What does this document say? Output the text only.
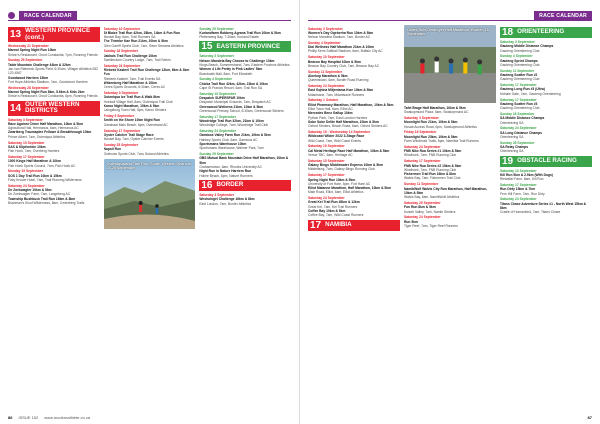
RACE CALENDAR
13 WESTERN PROVINCE (cont.)
Wednesday 21 September
Marnol Spring Night Run 10km
Simon's Restaurant, Groot Constantia, 7pm, Running Friends
Sunday 25 September
Table Mountain Challenge 44km & 32km
Jan van Riebeeck Sports Field, 6:30am, Villager Athletics 082 123 4567
Goodwood Harriers 15km
Fort Hope Athletics Stadium, 7am, Goodwood Harriers
Wednesday 28 September
Marnol Spring Night Run 8km, 5.6km & Kids 2km
Simon's Restaurant, Groot Constantia, 6pm, Running Friends
14 OUTER WESTERN DISTRICTS
Saturday 3 September
Race Against Crime Half Marathon, 10km & 5km
Agricultural Hall, Hermanus, 6am, Hermanus AC
Zwartberg Traumaplex Fellowe & Breakthrough 10km
Prince Albert, 7am, Outeniqua Athletics
Saturday 10 September
SAS & Klipfontein 10km
Fish Hoek, 7am, Overberg Harriers
Saturday 17 September
1000 Kings Half Marathon & 10km
Fish Hoek Sports Ground, 7am, Fish Hoek AC
Monday 19 September
SOS 1 Day Trail Run 10km & 15km
Fairy Knowe Hotel, 7am, Trail Running Wilderness
Saturday 24 September
De Zoekwagter 10km & 5km
De Zoekwagter Farm, 7am, Langeberg AC
Township Bushbuck Trail Run 16km & 8km
Bushman's Kloof Wilderness, 8am, Cederberg Trails
Saturday 10 September
St Blaize Trail Run 42km, 28km, 14km & Fun Run
Mossel Bay, 6am, Trail Runners SA
The Thembe Kae Run 21km, 10km & 5km
Glen Garriff Sports Club, 7am, Silver Streams Athletics
Sunday 18 September
Jakhals Trail Run Challenge 10km
Swellendam Country Lodge, 7am, Trail Series
Saturday 24 September
Riebeek Kasteel Trail Run Challenge 12km, 6km & 3km Fun
Riebeek Kasteel, 7am, Trail Events SA
Witzenberg Half Marathon & 10km
Ceres Sports Grounds, 6:30am, Ceres AC
Saturday 3 September
Outeniqua Ice Trail Run & Walk 8km
Hoekwil Village Hall, 8am, Outeniqua Trail Club
Karoo Night Marathon, 10km & 5km
Laingsburg Town Hall, 5pm, Karoo Striders
Friday 9 September
Smith on the Shore 10km Night Run
Gansbaai Main Beach, 6pm, Overstrand AC
Saturday 17 September
Oyster Catcher Trail Stage Race
Mossel Bay, 7am, Oyster Catcher Events
Sunday 25 September
Napoli Run
Grabouw Sports Club, 7am, Boland Athletics
Outeniqualand Trail Run, South Western Districts, 23-25 September
Sunday 25 September
Kurlandfarm Robberg Agrana Trail Run 10km & 5km
Plettenberg Bay, 7:30am, Kurland Estate
15 EASTERN PROVINCE
Saturday 3 September
Nelson Mandela Bay Choose to Challenge 10km
Kings Beach, Summerstrand, 7am, Eastern Province Athletics
Women 4 Life Pretty in Pink Ladies' 5km
Boardwalk Mall, 8am, Port Elizabeth
Sunday 4 September
Chicka Trail Run 42km, 42km, 22km & 10km
Cape St Francis Resort, 6am, Trail Run SA
Saturday 10 September
Despatch SUPERSPAR 10km
Despatch Municipal Grounds, 7am, Despatch AC
Greenwood Wellness 21km, 10km & 5km
Greenwood Primary School, 6:30am, Greenwood Striders
Saturday 17 September
Woodridge Trail Run 32km, 21km & 10km
Woodridge College, 7am, Woodridge Trail Club
Saturday 24 September
Gamtoos Valley Farm Run 21km, 10km & 5km
Hankey Sports Club, 6am, Gamtoos AC
Sportsmans Warehouse 10km
Sportsmans Warehouse, Walmer Park, 7am
Sunday 25 September
GBS Mutual Bank Mountain Drive Half Marathon, 10km & 5km
Grahamstown, 6am, Rhodes University AC
Night Run in Nature Harriers Run
Holme Beach, 6pm, Nature Runners
16 BORDER
Saturday 3 September
Weshulngel Challenge 16km & 8km
East London, 7am, Border Athletics
86 ISSUE 152 www.modernathlete.co.za
RACE CALENDAR
Saturday 3 September
Women's Day Gqeberha Run 10km & 5km
Nelson Mandela Stadium, 7am, Border AC
Sunday 4 September
Dial Wellness Half Marathon 21km & 10km
Phillip Kerrs Softball Stadium, 6am, Buffalo City AC
Saturday 10 September
Beacon Bay Hospital 10km & 5km
Beacon Bay Country Club, 7am, Beacon Bay AC
Sunday 11 September
Aloekop Marathon & 5km
Queenstown, 6am, Border Road Running
Saturday 24 September
East Gqhina Mitjentama Kwe 10km & 5km
Mdantsane, 7am, Mdantsane Runners
Saturday 1 October
Elliot Pharmacy Marathon, Half Marathon, 10km & 5km
Elliot Town Hall, 6am, Elliot AC
Mercedes Benz Gallop 10km
Python Park, 7am, East London Harriers
Sobe Sobe Delite Half Marathon, 10km & 5km
Oxford Striders, Beach Road, 6am, Oxford Striders AC
Saturday 15 - Wednesday 14 September
Wildcoast Wilder 2022 3-Stage Race
Wild Coast, 7am, Wild Coast Events
Saturday 10 September
Cal Metal Heritage Race Half Marathon, 10km & 5km
Venue TBC, 6am, Heritage AC
Saturday 10 September
Galaxy Bingo Middlewater Express 10km & 5km
Middelburg, 7am, Galaxy Bingo Running Club
Saturday 17 September
Spring Night Run 10km & 5km
University of Fort Hare, 5pm, Fort Hare AC
Elliot Matanne Marathon, Half Marathon, 10km & 5km
Main Road, Elliot, 6am, Elliot Athletics
Saturday 24 September
Great Kei Trail Run 45km & 12km
Great Kei, 7am, Kei Trail Runners
Coffee Bay 10km & 5km
Coffee Bay, 7am, Wild Coast Runners
17 NAMIBIA
Caltex Sole Destroyer Half Marathon, Border, 18 September
Tafel Brage Half Marathon, 10km & 5km
Swakopmund Plaza, 6am, Swakopmund AC
Saturday 3 September
Moonlight Run 21km, 10km & 5km
Husab Access Road, 6pm, Swakopmund Athletics
Friday 16 September
Moonlight Run 23km, 10km & 5km
Farm Windhoek Trails, 6pm, Namibia Trail Runners
Saturday 24 September
FNB Nike Rua Series #1 10km & 5km
Windhoek, 7am, FNB Running Club
Saturday 17 September
FNB Nike Rua Series #2 15km & 5km
Windhoek, 7am, FNB Running Club
Fishermen Trail Run 16km & 8km
Walvis Bay, 7am, Fishermen Trail Club
Sunday 11 September
NamibWolf Walvis City Run Marathon, Half Marathon, 10km & 5km
Walvis Bay, 6am, NamibWolf Athletics
Saturday 25 September
Fun Run 8km & 5km
Kuiseb Valley, 7am, Namib Striders
Saturday 24 September
Run 5km
Tiger Reef, 7am, Tiger Reef Runners
18 ORIENTEERING
Saturday 3 September
Gauteng Middle Distance Champs
Gauteng Orienteering Club
Sunday 4 September
Gauteng Sprint Champs
Gauteng Orienteering Club
Sunday 11 September
Gauteng Scatter Run #2
Gauteng Orienteering Club
Saturday 17 September
Gauteng Long Run #3 (Ultra)
Mohale Gate, 7am, Gauteng Orienteering
Saturday 17 September
Gauteng Scatter Run #3
Gauteng Orienteering Club
Sunday 18 September
SA Middle Distance Champs
Orienteering SA
Saturday 24 September
SA Long Distance Champs
Orienteering SA
Sunday 25 September
SA Relay Champs
Orienteering SA
19 OBSTACLE RACING
Saturday 10 September
Kill Run 5km & 2.5km (With Dogs)
Rietvallei Farm, 8am, Kill Run
Saturday 17 September
Run Dirty 15km & 7km
Fern Hill Farm, 7am, Run Dirty
Saturday 24 September
Titans Chase Adventure Series #1 - North West 15km & 8km
Cradle of Humankind, 7am, Titans Chase
87
